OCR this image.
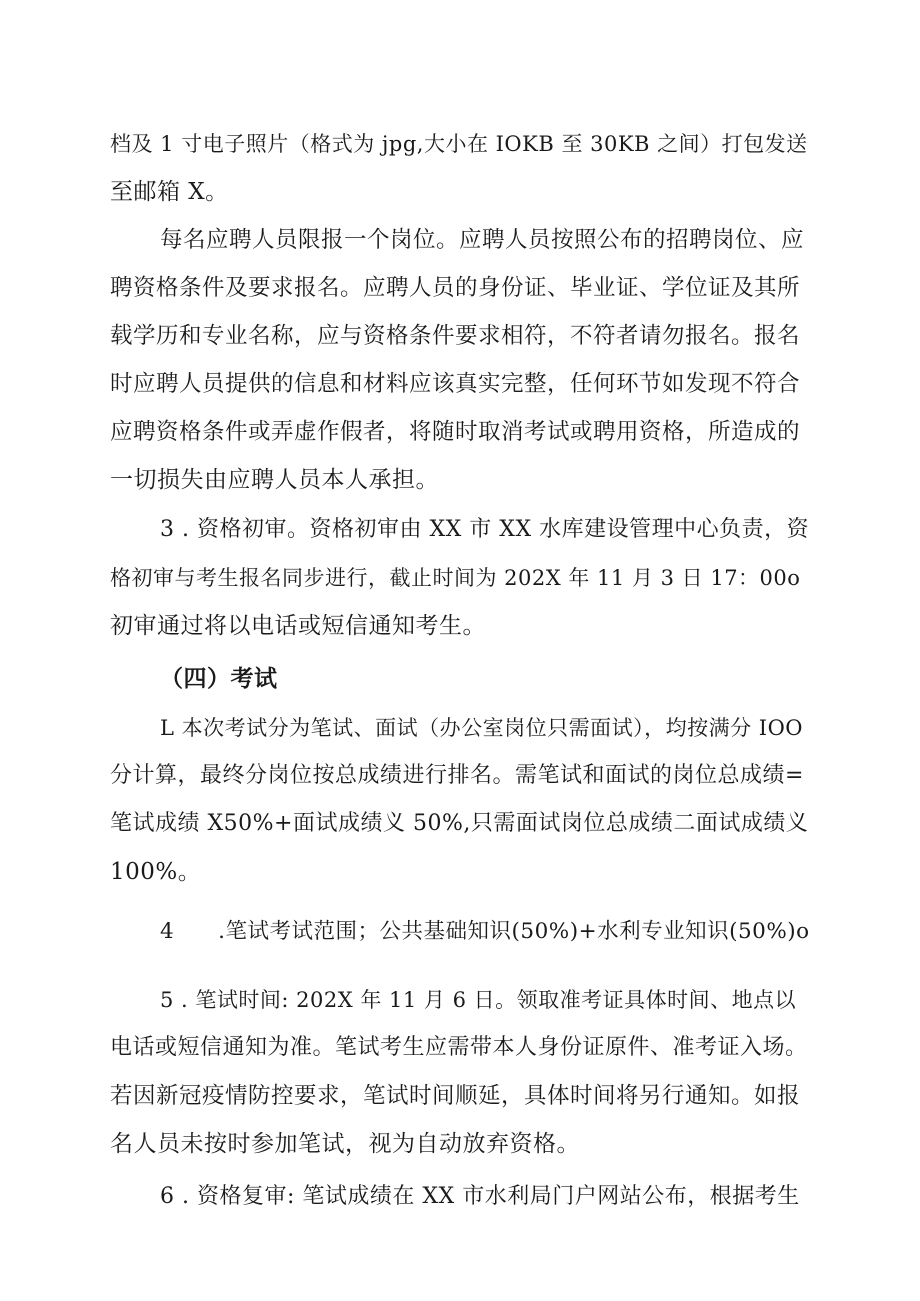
档及 1 寸电子照片（格式为 jpg,大小在 IOKB 至 30KB 之间）打包发送
至邮箱 X。
每名应聘人员限报一个岗位。应聘人员按照公布的招聘岗位、应
聘资格条件及要求报名。应聘人员的身份证、毕业证、学位证及其所
载学历和专业名称，应与资格条件要求相符，不符者请勿报名。报名
时应聘人员提供的信息和材料应该真实完整，任何环节如发现不符合
应聘资格条件或弄虚作假者，将随时取消考试或聘用资格，所造成的
一切损失由应聘人员本人承担。
3 . 资格初审。资格初审由 XX 市 XX 水库建设管理中心负责，资
格初审与考生报名同步进行，截止时间为 202X 年 11 月 3 日 17：00o
初审通过将以电话或短信通知考生。
（四）考试
L 本次考试分为笔试、面试（办公室岗位只需面试），均按满分 IOO
分计算，最终分岗位按总成绩进行排名。需笔试和面试的岗位总成绩=
笔试成绩 X50%+面试成绩义 50%,只需面试岗位总成绩二面试成绩义
100%。
4　　.笔试考试范围；公共基础知识(50%)+水利专业知识(50%)o
5 . 笔试时间: 202X 年 11 月 6 日。领取准考证具体时间、地点以
电话或短信通知为准。笔试考生应需带本人身份证原件、准考证入场。
若因新冠疫情防控要求，笔试时间顺延，具体时间将另行通知。如报
名人员未按时参加笔试，视为自动放弃资格。
6 . 资格复审: 笔试成绩在 XX 市水利局门户网站公布，根据考生
